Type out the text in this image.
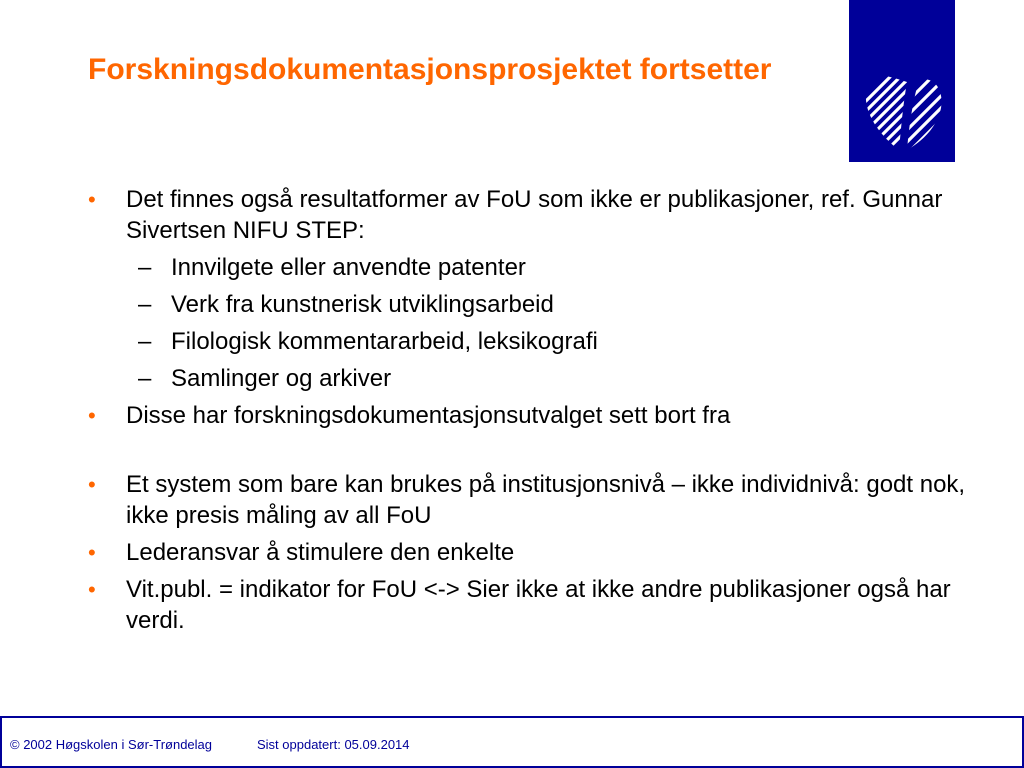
Forskningsdokumentasjonsprosjektet fortsetter
• Det finnes også resultatformer av FoU som ikke er publikasjoner, ref. Gunnar Sivertsen NIFU STEP:
– Innvilgete eller anvendte patenter
– Verk fra kunstnerisk utviklingsarbeid
– Filologisk kommentararbeid, leksikografi
– Samlinger og arkiver
• Disse har forskningsdokumentasjonsutvalget sett bort fra
• Et system som bare kan brukes på institusjonsnivå – ikke individnivå: godt nok, ikke presis måling av all FoU
• Lederansvar å stimulere den enkelte
• Vit.publ. = indikator for FoU <-> Sier ikke at ikke andre publikasjoner også har verdi.
© 2002 Høgskolen i Sør-Trøndelag	Sist oppdatert: 05.09.2014
